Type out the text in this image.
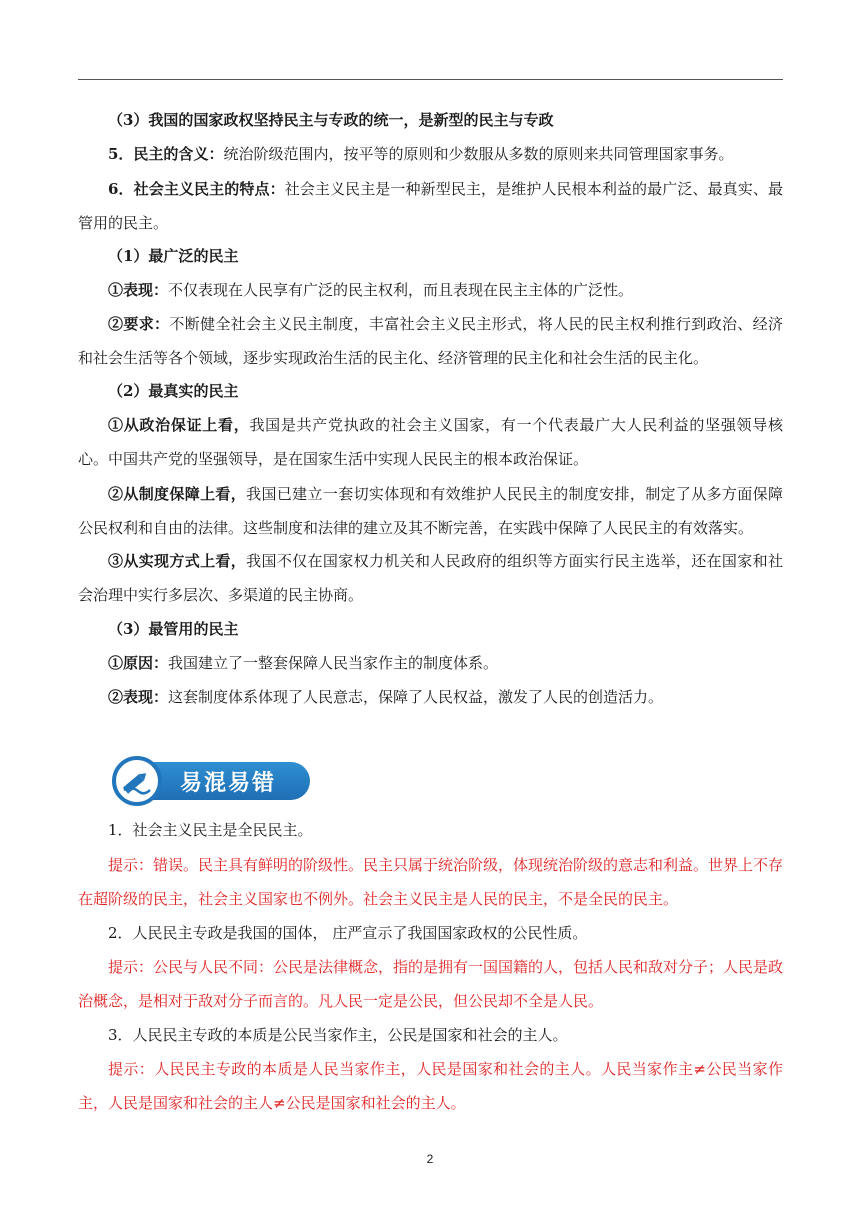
（3）我国的国家政权坚持民主与专政的统一，是新型的民主与专政
5．民主的含义：统治阶级范围内，按平等的原则和少数服从多数的原则来共同管理国家事务。
6．社会主义民主的特点：社会主义民主是一种新型民主，是维护人民根本利益的最广泛、最真实、最管用的民主。
（1）最广泛的民主
①表现：不仅表现在人民享有广泛的民主权利，而且表现在民主主体的广泛性。
②要求：不断健全社会主义民主制度，丰富社会主义民主形式，将人民的民主权利推行到政治、经济和社会生活等各个领域，逐步实现政治生活的民主化、经济管理的民主化和社会生活的民主化。
（2）最真实的民主
①从政治保证上看，我国是共产党执政的社会主义国家，有一个代表最广大人民利益的坚强领导核心。中国共产党的坚强领导，是在国家生活中实现人民民主的根本政治保证。
②从制度保障上看，我国已建立一套切实体现和有效维护人民民主的制度安排，制定了从多方面保障公民权利和自由的法律。这些制度和法律的建立及其不断完善，在实践中保障了人民民主的有效落实。
③从实现方式上看，我国不仅在国家权力机关和人民政府的组织等方面实行民主选举，还在国家和社会治理中实行多层次、多渠道的民主协商。
（3）最管用的民主
①原因：我国建立了一整套保障人民当家作主的制度体系。
②表现：这套制度体系体现了人民意志，保障了人民权益，激发了人民的创造活力。
易混易错
1．社会主义民主是全民民主。
提示：错误。民主具有鲜明的阶级性。民主只属于统治阶级，体现统治阶级的意志和利益。世界上不存在超阶级的民主，社会主义国家也不例外。社会主义民主是人民的民主，不是全民的民主。
2．人民民主专政是我国的国体， 庄严宣示了我国国家政权的公民性质。
提示：公民与人民不同：公民是法律概念，指的是拥有一国国籍的人，包括人民和敌对分子；人民是政治概念，是相对于敌对分子而言的。凡人民一定是公民，但公民却不全是人民。
3．人民民主专政的本质是公民当家作主，公民是国家和社会的主人。
提示：人民民主专政的本质是人民当家作主，人民是国家和社会的主人。人民当家作主≠公民当家作主，人民是国家和社会的主人≠公民是国家和社会的主人。
2
